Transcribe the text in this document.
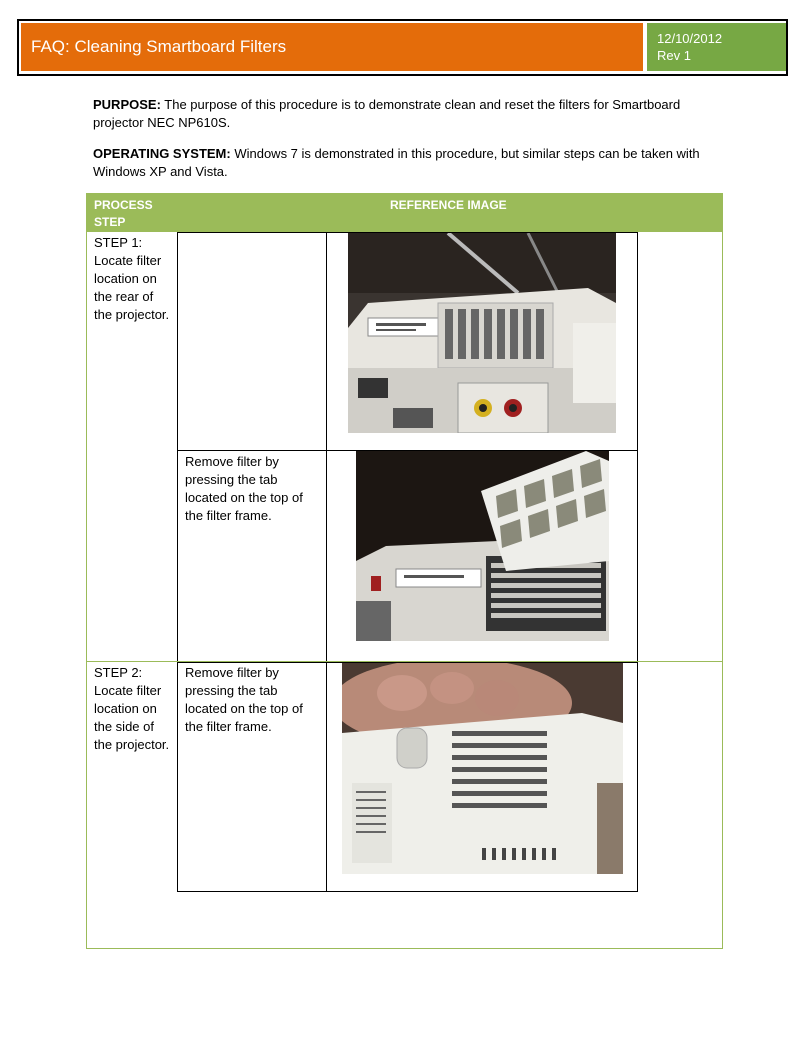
FAQ: Cleaning Smartboard Filters	12/10/2012
Rev 1
PURPOSE: The purpose of this procedure is to demonstrate clean and reset the filters for Smartboard projector NEC NP610S.
OPERATING SYSTEM: Windows 7 is demonstrated in this procedure, but similar steps can be taken with Windows XP and Vista.
PROCESS STEP
REFERENCE IMAGE
STEP 1: Locate filter location on the rear of the projector.
Remove filter by pressing the tab located on the top of the filter frame.
STEP 2: Locate filter location on the side of the projector.
Remove filter by pressing the tab located on the top of the filter frame.
